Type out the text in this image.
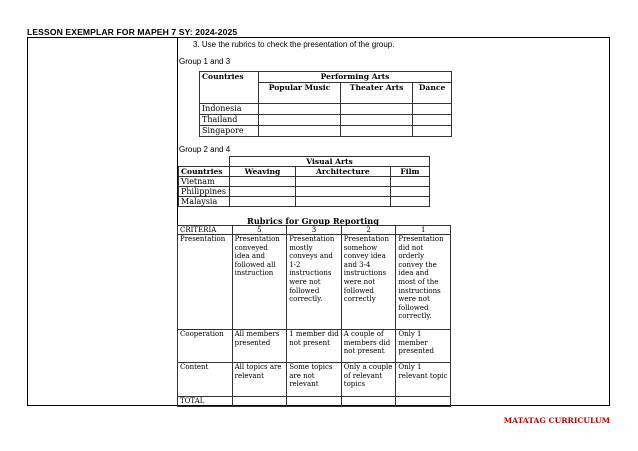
LESSON EXEMPLAR FOR MAPEH 7 SY: 2024-2025
3. Use the rubrics to check the presentation of the group.
Group 1 and 3
Countries	Performing Arts		
	Popular Music	Theater Arts	Dance
Indonesia			
Thailand			
Singapore			
Group 2 and 4
	Visual Arts		
Countries	Weaving	Architecture	Film
Vietnam			
Philippines			
Malaysia			
Rubrics for Group Reporting
CRITERIA	5	3	2	1
Presentation	Presentation conveyed idea and followed all instruction	Presentation mostly conveys and 1-2 instructions were not followed correctly.	Presentation somehow convey idea and 3-4 instructions were not followed correctly	Presentation did not orderly convey the idea and most of the instructions were not followed correctly.
Cooperation	All members presented	1 member did not present	A couple of members did not present	Only 1 member presented
Content	All topics are relevant	Some topics are not relevant	Only a couple of relevant topics	Only 1 relevant topic
TOTAL				
MATATAG CURRICULUM
